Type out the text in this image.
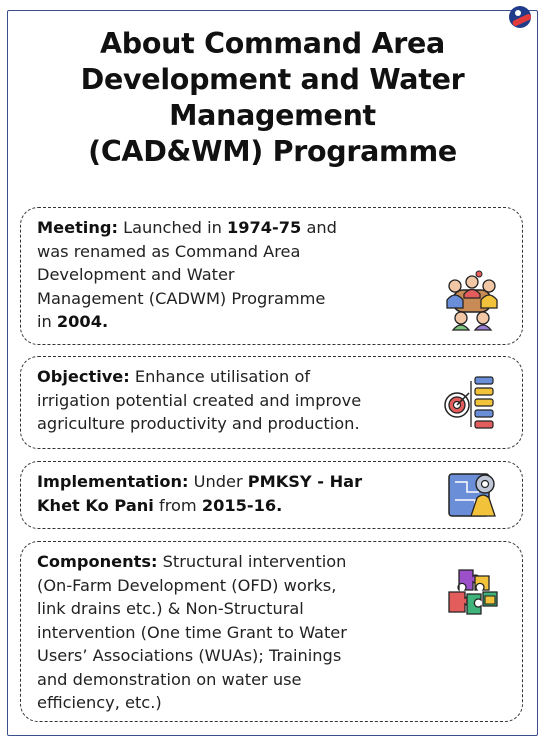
About Command Area
Development and Water
Management
(CAD&WM) Programme
Meeting: Launched in 1974-75 and
was renamed as Command Area
Development and Water
Management (CADWM) Programme
in 2004.
Objective: Enhance utilisation of
irrigation potential created and improve
agriculture productivity and production.
Implementation: Under PMKSY - Har
Khet Ko Pani from 2015-16.
Components: Structural intervention
(On-Farm Development (OFD) works,
link drains etc.) & Non-Structural
intervention (One time Grant to Water
Users’ Associations (WUAs); Trainings
and demonstration on water use
efficiency, etc.)
